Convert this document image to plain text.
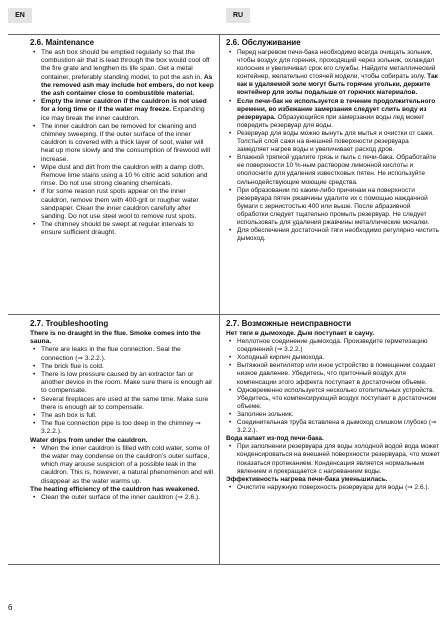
EN	RU
2.6. Maintenance
• The ash box should be emptied regularly so that the combustion air that is lead through the box would cool off the fire grate and lengthen its life span. Get a metal container, preferably standing model, to put the ash in. As the removed ash may include hot embers, do not keep the ash container close to combustible material.
• Empty the inner cauldron if the cauldron is not used for a long time or if the water may freeze. Expanding ice may break the inner cauldron.
• The inner cauldron can be removed for cleaning and chimney sweeping. If the outer surface of the inner cauldron is covered with a thick layer of soot, water will heat up more slowly and the consumption of firewood will increase.
• Wipe dust and dirt from the cauldron with a damp cloth. Remove lime stains using a 10 % citric acid solution and rinse. Do not use strong cleaning chemicals.
• If for some reason rust spots appear on the inner cauldron, remove them with 400-grit or rougher water sandpaper. Clean the inner cauldron carefully after sanding. Do not use steel wool to remove rust spots.
• The chimney should be swept at regular intervals to ensure sufficient draught.
2.6. Обслуживание
• Перед нагревом печи-бака необходимо всегда очищать зольник, чтобы воздух для горения, проходящий через зольник, охлаждал колосник и увеличивал срок его службы. Найдите металлический контейнер, желательно стоячей модели, чтобы собирать золу. Так как в удаляемой золе могут быть горячие угольки, держите контейнер для золы подальше от горючих материалов.
• Если печи-бак не используется в течение продолжительного времени, во избежание замерзания следует слить воду из резервуара. Образующийся при замерзании воды лед может повредить резервуар для воды.
• Резервуар для воды можно вынуть для мытья и очистки от сажи. Толстый слой сажи на внешней поверхности резервуара замедляет нагрев воды и увеличивает расход дров.
• Влажной тряпкой удалите грязь и пыль с печи-бака. Обработайте ее поверхности 10 %-ным раствором лимонной кислоты и ополосните для удаления известковых пятен. Не используйте сильнодействующие моющие средства.
• При образовании по каким-либо причинам на поверхности резервуара пятен ржавчины удалите их с помощью наждачной бумаги с зернистостью 400 или выше. После абразивной обработки следует тщательно промыть резервуар. Не следует использовать для удаления ржавчины металлические мочалки.
• Для обеспечения достаточной тяги необходимо регулярно чистить дымоход.
2.7. Troubleshooting
There is no draught in the flue. Smoke comes into the sauna.
• There are leaks in the flue connection. Seal the connection (⇒ 3.2.2.).
• The brick flue is cold.
• There is low pressure caused by an extractor fan or another device in the room. Make sure there is enough air to compensate.
• Several fireplaces are used at the same time. Make sure there is enough air to compensate.
• The ash box is full.
• The flue connection pipe is too deep in the chimney ⇒ 3.2.2.).
Water drips from under the cauldron.
• When the inner cauldron is filled with cold water, some of the water may condense on the cauldron’s outer surface, which may arouse suspicion of a possible leak in the cauldron. This is, however, a natural phenomenon and will disappear as the water warms up.
The heating efficiency of the cauldron has weakened.
• Clean the outer surface of the inner cauldron (⇒ 2.6.).
2.7. Возможные неисправности
Нет тяги в дымоходе. Дым поступает в сауну.
• Неплотное соединение дымохода. Произведите герметизацию соединений (⇒ 3.2.2.)
• Холодный кирпич дымохода.
• Вытяжной вентилятор или иное устройство в помещении создает низкое давление. Убедитесь, что приточный воздух для компенсации этого эффекта поступает в достаточном объеме.
• Одновременно используется несколько отопительных устройств. Убедитесь, что компенсирующий воздух поступает в достаточном объеме.
• Заполнен зольник.
• Соединительная труба вставлена в дымоход слишком глубоко (⇒ 3.2.2.).
Вода капает из-под печи-бака.
• При заполнении резервуара для воды холодной водой вода может конденсироваться на внешней поверхности резервуара, что может показаться протеканием. Конденсация является нормальным явлением и прекращается с нагреванием воды.
Эффективность нагрева печи-бака уменьшилась.
• Очистите наружную поверхность резервуара для воды (⇒ 2.6.).
6
